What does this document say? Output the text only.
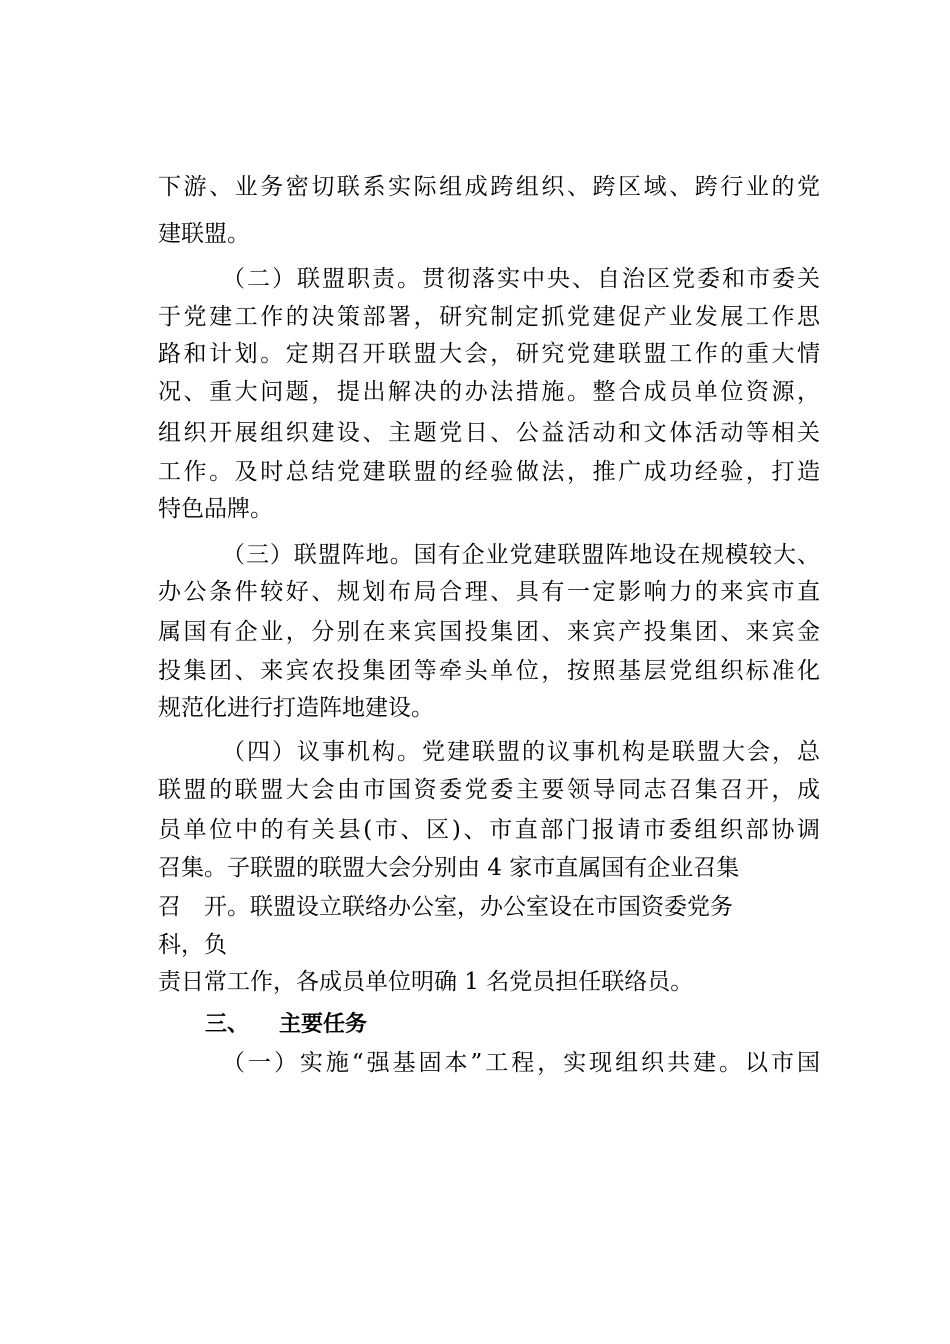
下游、业务密切联系实际组成跨组织、跨区域、跨行业的党
建联盟。
（二）联盟职责。贯彻落实中央、自治区党委和市委关
于党建工作的决策部署，研究制定抓党建促产业发展工作思
路和计划。定期召开联盟大会，研究党建联盟工作的重大情
况、重大问题，提出解决的办法措施。整合成员单位资源，
组织开展组织建设、主题党日、公益活动和文体活动等相关
工作。及时总结党建联盟的经验做法，推广成功经验，打造
特色品牌。
（三）联盟阵地。国有企业党建联盟阵地设在规模较大、
办公条件较好、规划布局合理、具有一定影响力的来宾市直
属国有企业，分别在来宾国投集团、来宾产投集团、来宾金
投集团、来宾农投集团等牵头单位，按照基层党组织标准化
规范化进行打造阵地建设。
（四）议事机构。党建联盟的议事机构是联盟大会，总
联盟的联盟大会由市国资委党委主要领导同志召集召开，成
员单位中的有关县(市、区)、市直部门报请市委组织部协调
召集。子联盟的联盟大会分别由 4 家市直属国有企业召集
召　开。联盟设立联络办公室，办公室设在市国资委党务
科，负
责日常工作，各成员单位明确 1 名党员担任联络员。
三、 主要任务
（一）实施“强基固本”工程，实现组织共建。以市国
